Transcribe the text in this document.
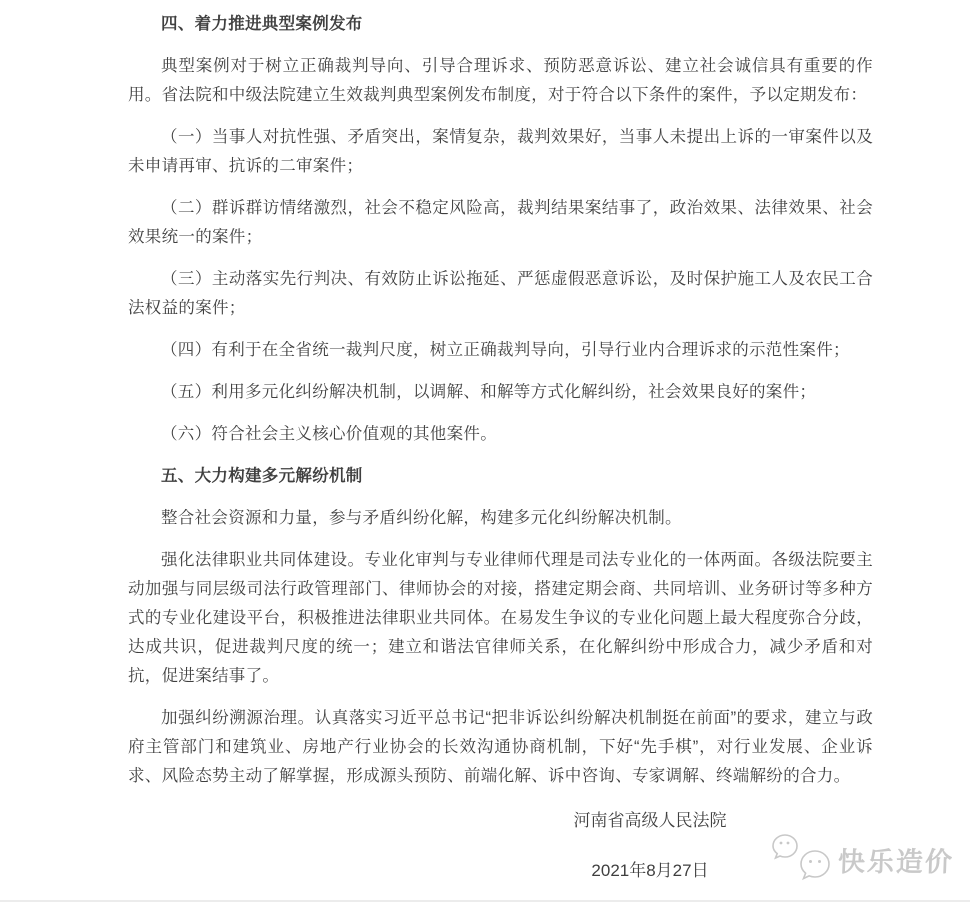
四、着力推进典型案例发布

典型案例对于树立正确裁判导向、引导合理诉求、预防恶意诉讼、建立社会诚信具有重要的作用。省法院和中级法院建立生效裁判典型案例发布制度，对于符合以下条件的案件，予以定期发布：

（一）当事人对抗性强、矛盾突出，案情复杂，裁判效果好，当事人未提出上诉的一审案件以及未申请再审、抗诉的二审案件；

（二）群诉群访情绪激烈，社会不稳定风险高，裁判结果案结事了，政治效果、法律效果、社会效果统一的案件；

（三）主动落实先行判决、有效防止诉讼拖延、严惩虚假恶意诉讼，及时保护施工人及农民工合法权益的案件；

（四）有利于在全省统一裁判尺度，树立正确裁判导向，引导行业内合理诉求的示范性案件；

（五）利用多元化纠纷解决机制，以调解、和解等方式化解纠纷，社会效果良好的案件；

（六）符合社会主义核心价值观的其他案件。

五、大力构建多元解纷机制

整合社会资源和力量，参与矛盾纠纷化解，构建多元化纠纷解决机制。

强化法律职业共同体建设。专业化审判与专业律师代理是司法专业化的一体两面。各级法院要主动加强与同层级司法行政管理部门、律师协会的对接，搭建定期会商、共同培训、业务研讨等多种方式的专业化建设平台，积极推进法律职业共同体。在易发生争议的专业化问题上最大程度弥合分歧，达成共识，促进裁判尺度的统一；建立和谐法官律师关系，在化解纠纷中形成合力，减少矛盾和对抗，促进案结事了。

加强纠纷溯源治理。认真落实习近平总书记“把非诉讼纠纷解决机制挺在前面”的要求，建立与政府主管部门和建筑业、房地产行业协会的长效沟通协商机制，下好“先手棋”，对行业发展、企业诉求、风险态势主动了解掌握，形成源头预防、前端化解、诉中咨询、专家调解、终端解纷的合力。

河南省高级人民法院

2021年8月27日	快乐造价
